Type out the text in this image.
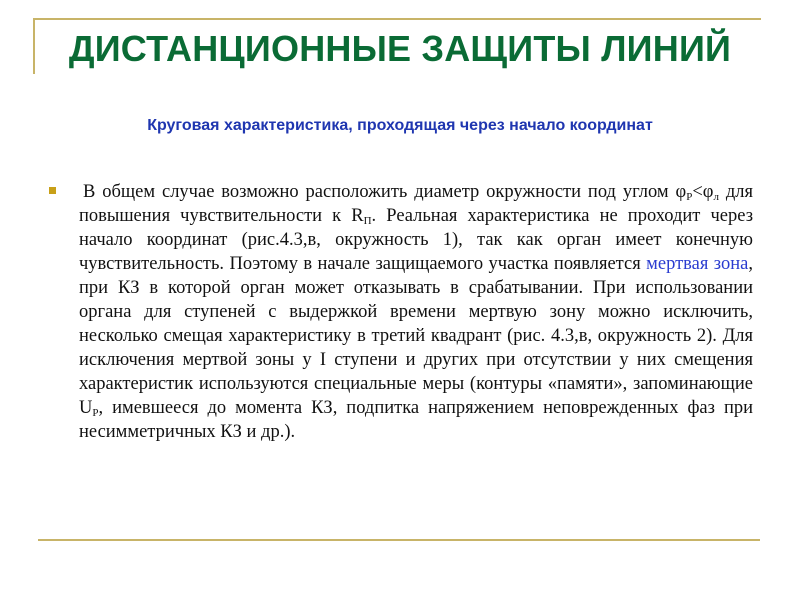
ДИСТАНЦИОННЫЕ ЗАЩИТЫ ЛИНИЙ

Круговая характеристика, проходящая через начало координат

В общем случае возможно расположить диаметр окружности под углом $\varphi_P<\varphi_л$ для повышения чувствительности к $R_П$. Реальная характеристика не проходит через начало координат (рис.4.3,в, окружность 1), так как орган имеет конечную чувствительность. Поэтому в начале защищаемого участка появляется мертвая зона, при КЗ в которой орган может отказывать в срабатывании. При использовании органа для ступеней с выдержкой времени мертвую зону можно исключить, несколько смещая характеристику в третий квадрант (рис. 4.3,в, окружность 2). Для исключения мертвой зоны у I ступени и других при отсутствии у них смещения характеристик используются специальные меры (контуры «памяти», запоминающие $U_P$, имевшееся до момента КЗ, подпитка напряжением неповрежденных фаз при несимметричных КЗ и др.).
